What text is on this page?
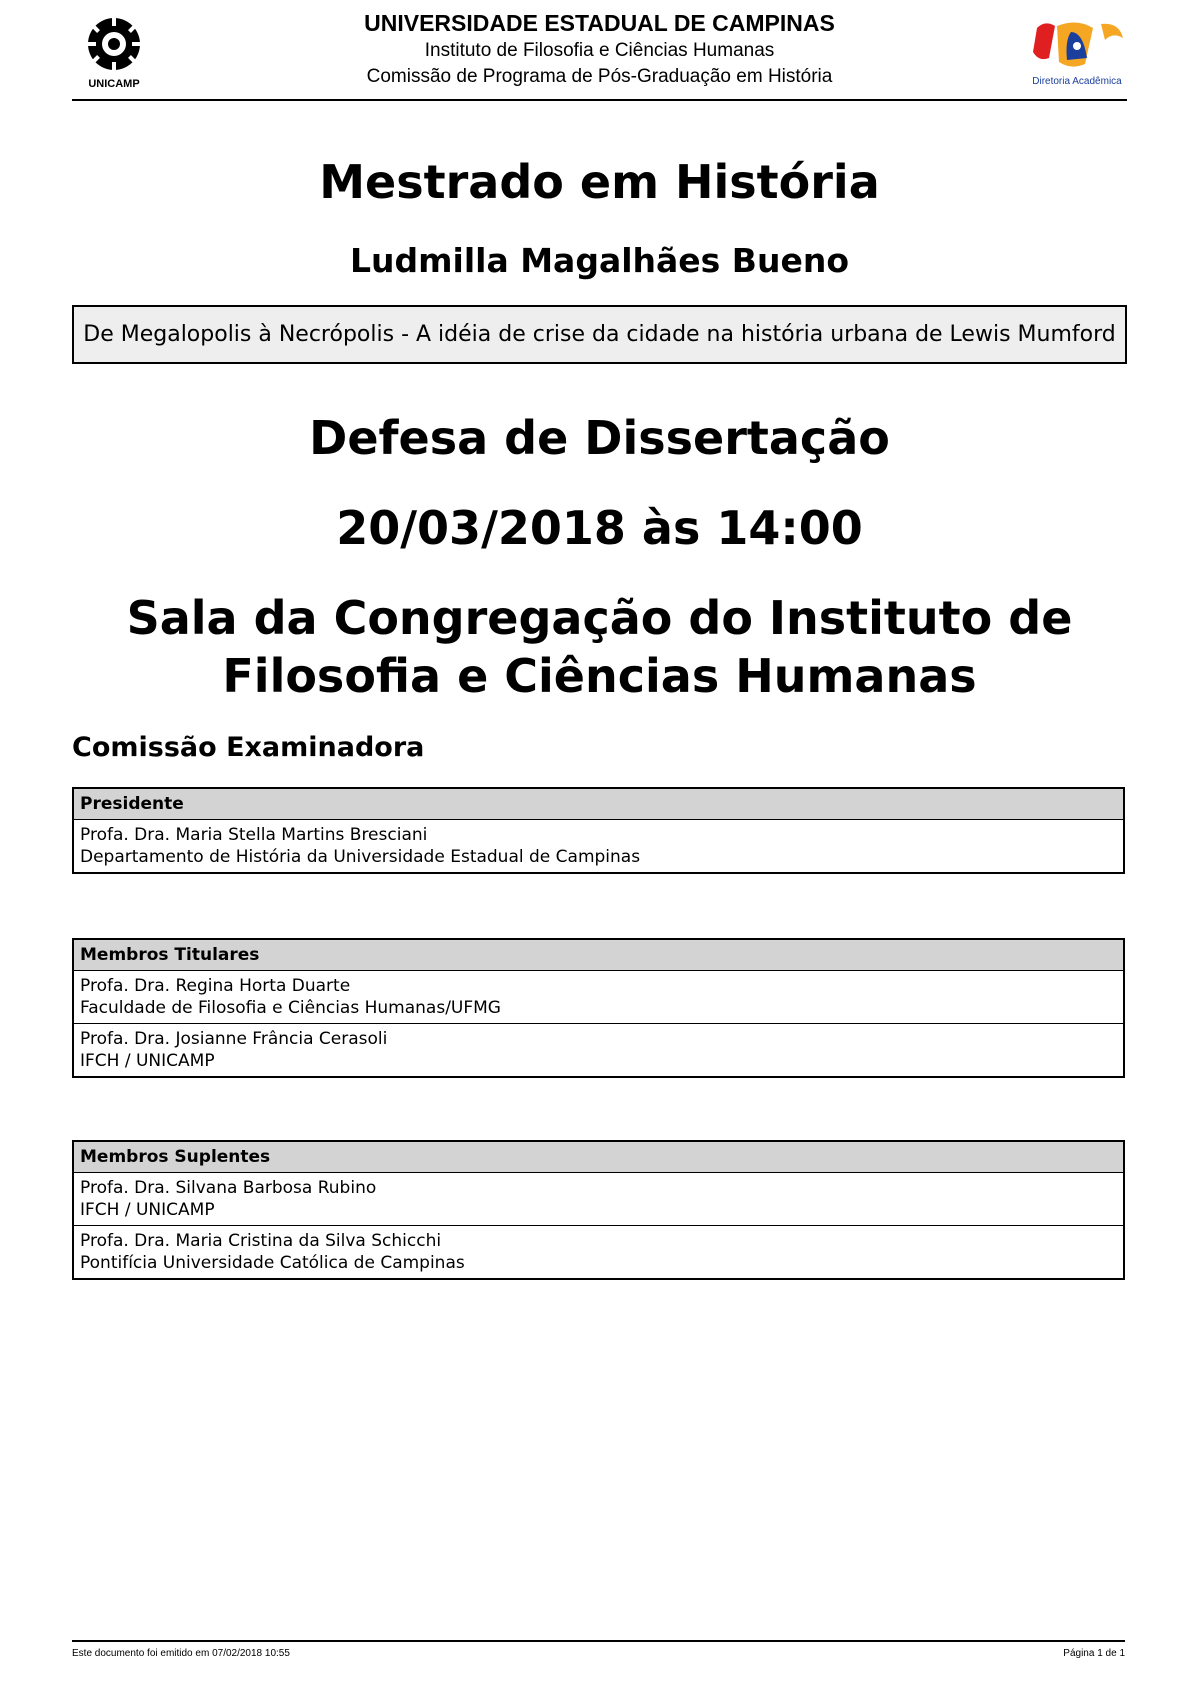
UNICAMP
UNIVERSIDADE ESTADUAL DE CAMPINAS
Instituto de Filosofia e Ciências Humanas
Comissão de Programa de Pós-Graduação em História	Diretoria Acadêmica
Mestrado em História
Ludmilla Magalhães Bueno
De Megalopolis à Necrópolis - A idéia de crise da cidade na história urbana de Lewis Mumford
Defesa de Dissertação
20/03/2018 às 14:00
Sala da Congregação do Instituto de
Filosofia e Ciências Humanas
Comissão Examinadora
Presidente
Profa. Dra. Maria Stella Martins Bresciani
Departamento de História da Universidade Estadual de Campinas
Membros Titulares
Profa. Dra. Regina Horta Duarte
Faculdade de Filosofia e Ciências Humanas/UFMG
Profa. Dra. Josianne Frância Cerasoli
IFCH / UNICAMP
Membros Suplentes
Profa. Dra. Silvana Barbosa Rubino
IFCH / UNICAMP
Profa. Dra. Maria Cristina da Silva Schicchi
Pontifícia Universidade Católica de Campinas
Este documento foi emitido em 07/02/2018 10:55	Página 1 de 1
